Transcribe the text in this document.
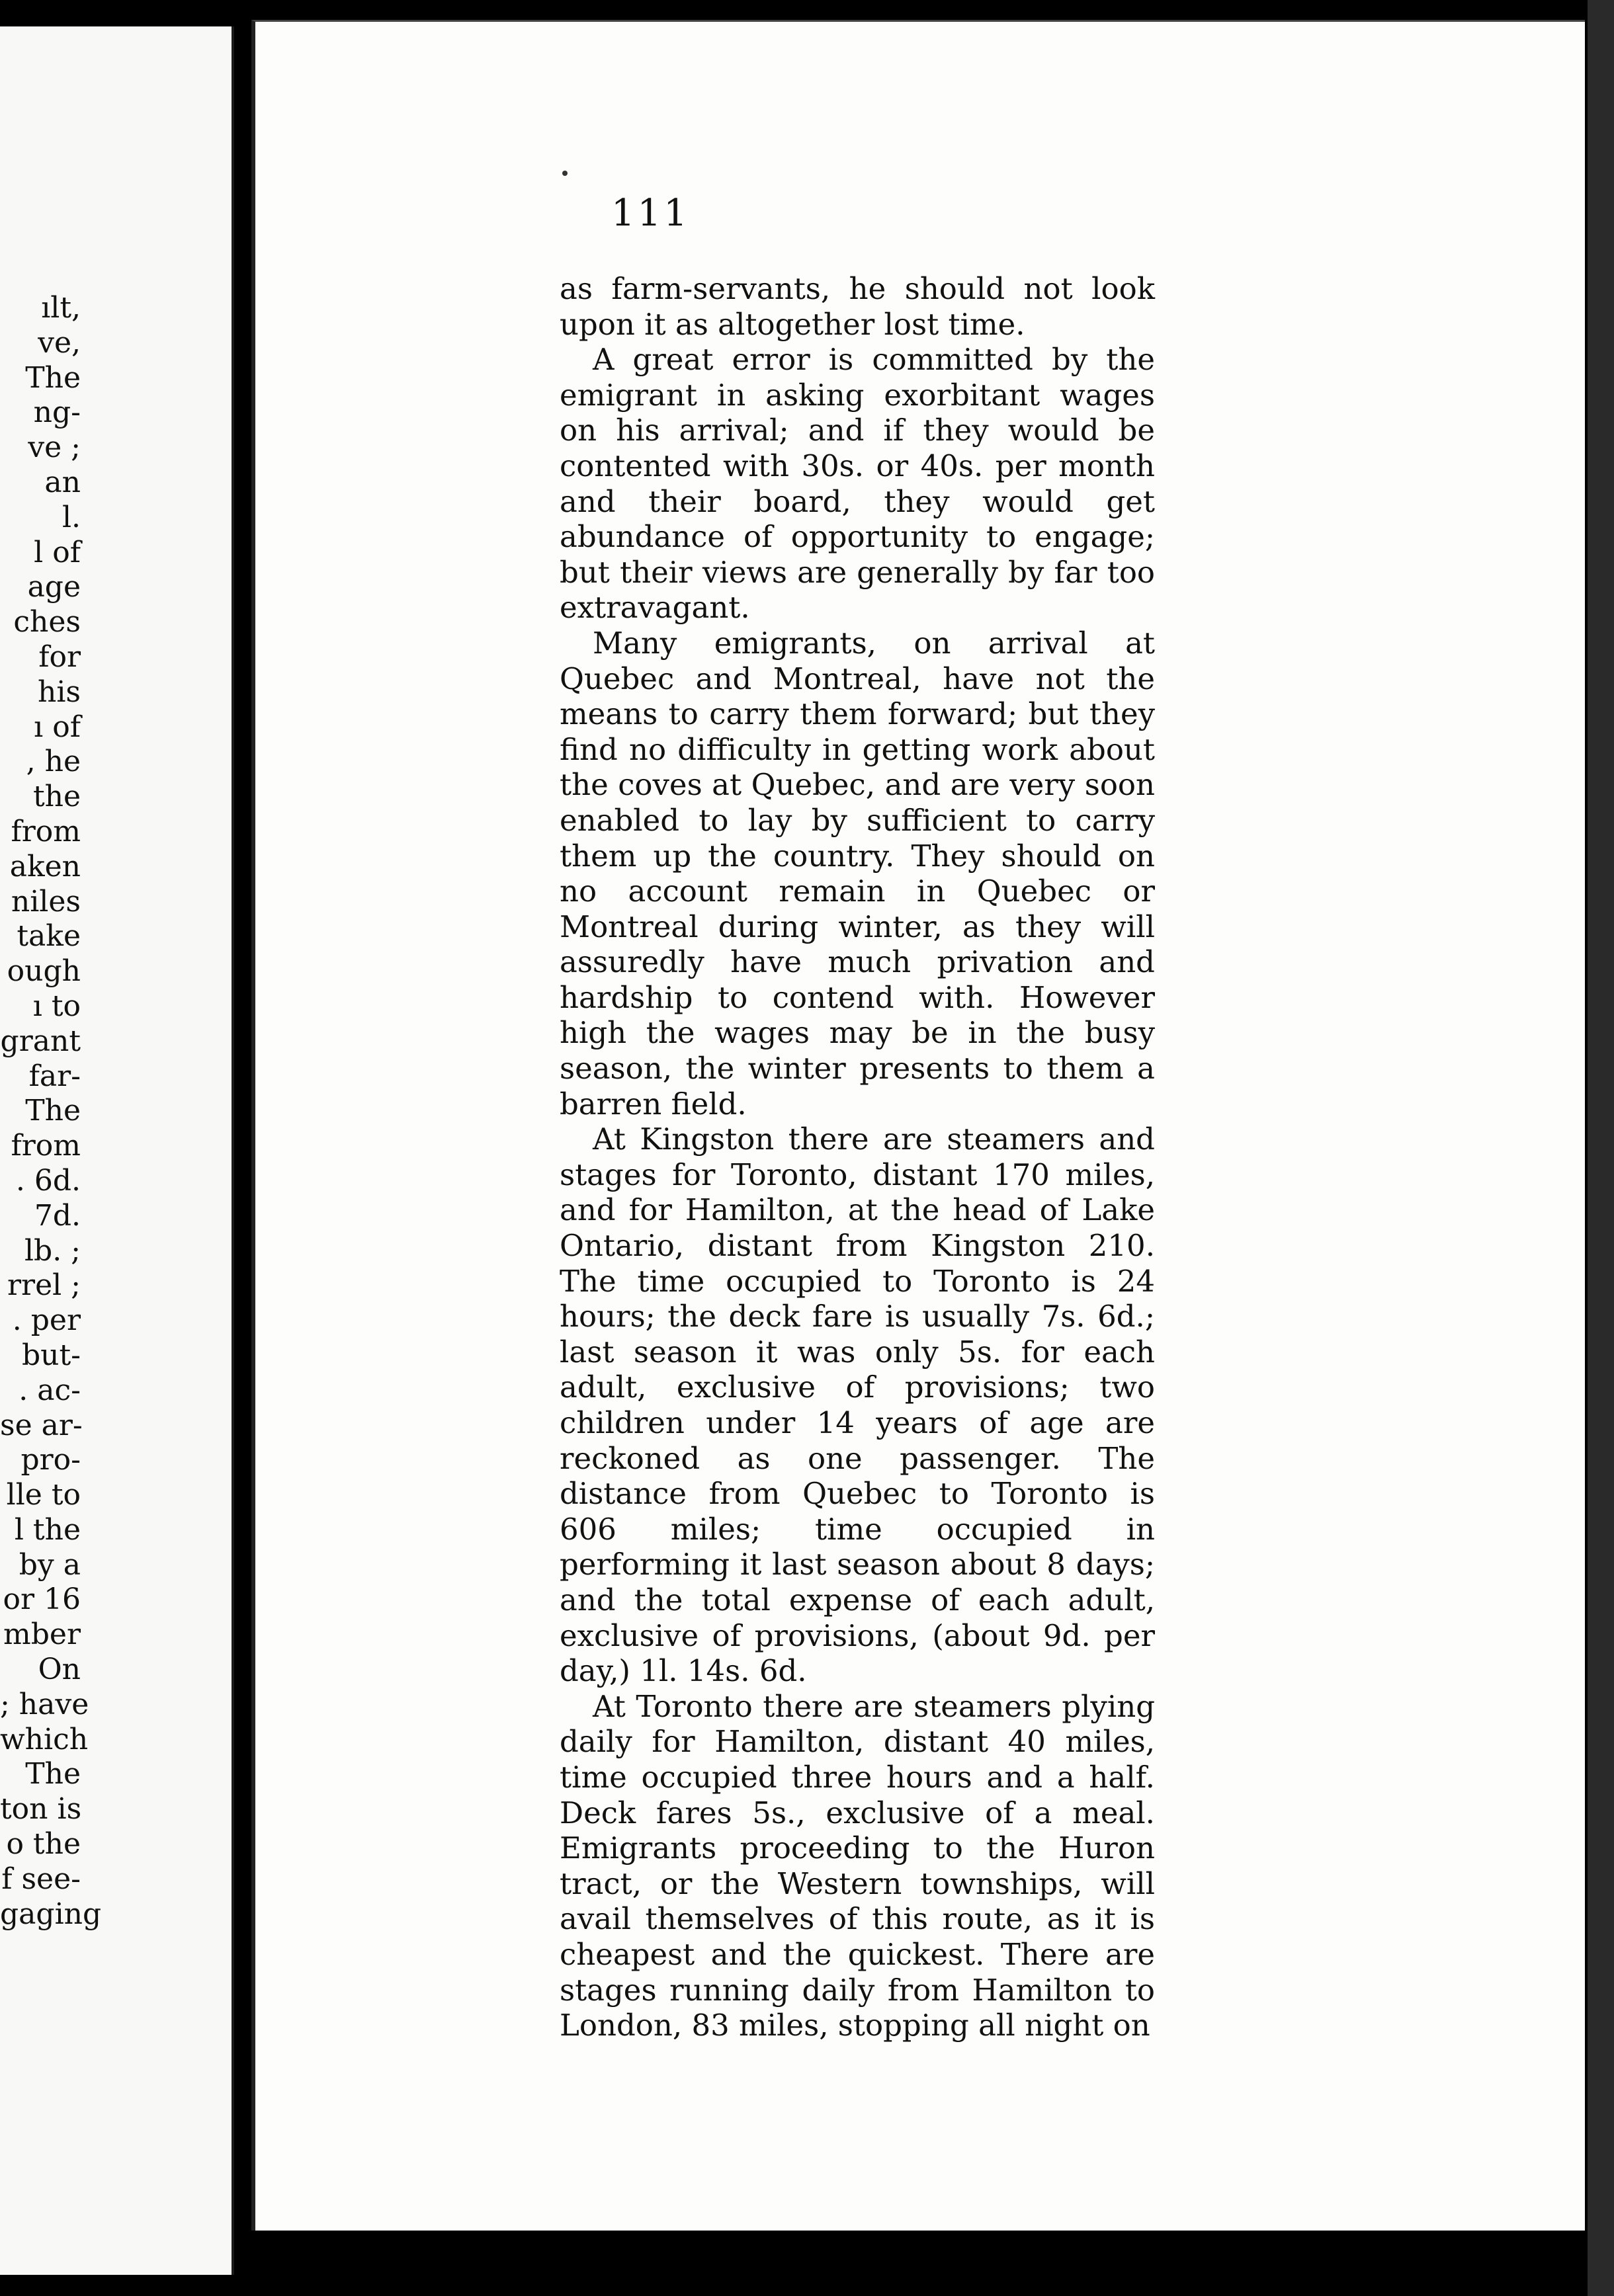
ılt,
ve,
The
ng-
ve ;
an
l.
l of
age
ches
for
his
ı of
, he
the
from
aken
niles
take
ough
ı to
grant
far-
The
from
. 6d.
7d.
lb. ;
rrel ;
. per
but-
. ac-
se ar-
pro-
lle to
l the
by a
or 16
mber
On
; have
which
The
ton is
o the
f see-
gaging
111

as farm-servants, he should not look upon it as altogether lost time.

A great error is committed by the emigrant in asking exorbitant wages on his arrival; and if they would be contented with 30s. or 40s. per month and their board, they would get abundance of opportunity to engage; but their views are generally by far too extravagant.

Many emigrants, on arrival at Quebec and Montreal, have not the means to carry them forward; but they find no difficulty in getting work about the coves at Quebec, and are very soon enabled to lay by sufficient to carry them up the country. They should on no account remain in Quebec or Montreal during winter, as they will assuredly have much privation and hardship to contend with. However high the wages may be in the busy season, the winter presents to them a barren field.

At Kingston there are steamers and stages for Toronto, distant 170 miles, and for Hamilton, at the head of Lake Ontario, distant from Kingston 210. The time occupied to Toronto is 24 hours; the deck fare is usually 7s. 6d.; last season it was only 5s. for each adult, exclusive of provisions; two children under 14 years of age are reckoned as one passenger. The distance from Quebec to Toronto is 606 miles; time occupied in performing it last season about 8 days; and the total expense of each adult, exclusive of provisions, (about 9d. per day,) 1l. 14s. 6d.

At Toronto there are steamers plying daily for Hamilton, distant 40 miles, time occupied three hours and a half. Deck fares 5s., exclusive of a meal. Emigrants proceeding to the Huron tract, or the Western townships, will avail themselves of this route, as it is cheapest and the quickest. There are stages running daily from Hamilton to London, 83 miles, stopping all night on
